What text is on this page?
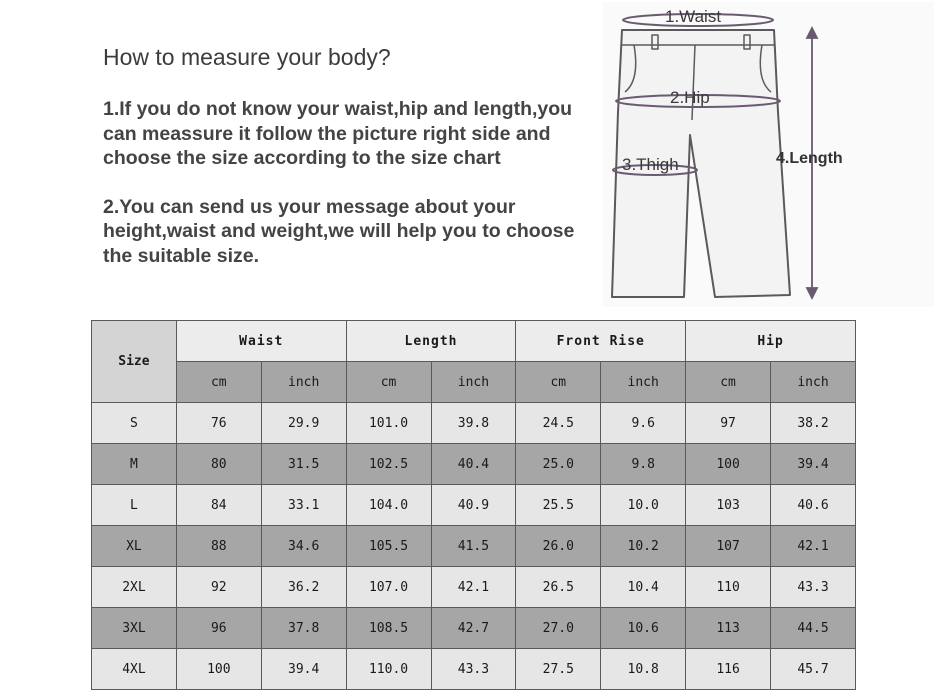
How to measure your body?

1.If you do not know your waist,hip and length,you can meassure it follow the picture right side and choose the size according to the size chart

2.You can send us your message about your height,waist and weight,we will help you to choose the suitable size.

1.Waist
2.Hip
3.Thigh	4.Length
Size	Waist		Length		Front Rise		Hip	
	cm	inch	cm	inch	cm	inch	cm	inch
S	76	29.9	101.0	39.8	24.5	9.6	97	38.2
M	80	31.5	102.5	40.4	25.0	9.8	100	39.4
L	84	33.1	104.0	40.9	25.5	10.0	103	40.6
XL	88	34.6	105.5	41.5	26.0	10.2	107	42.1
2XL	92	36.2	107.0	42.1	26.5	10.4	110	43.3
3XL	96	37.8	108.5	42.7	27.0	10.6	113	44.5
4XL	100	39.4	110.0	43.3	27.5	10.8	116	45.7
